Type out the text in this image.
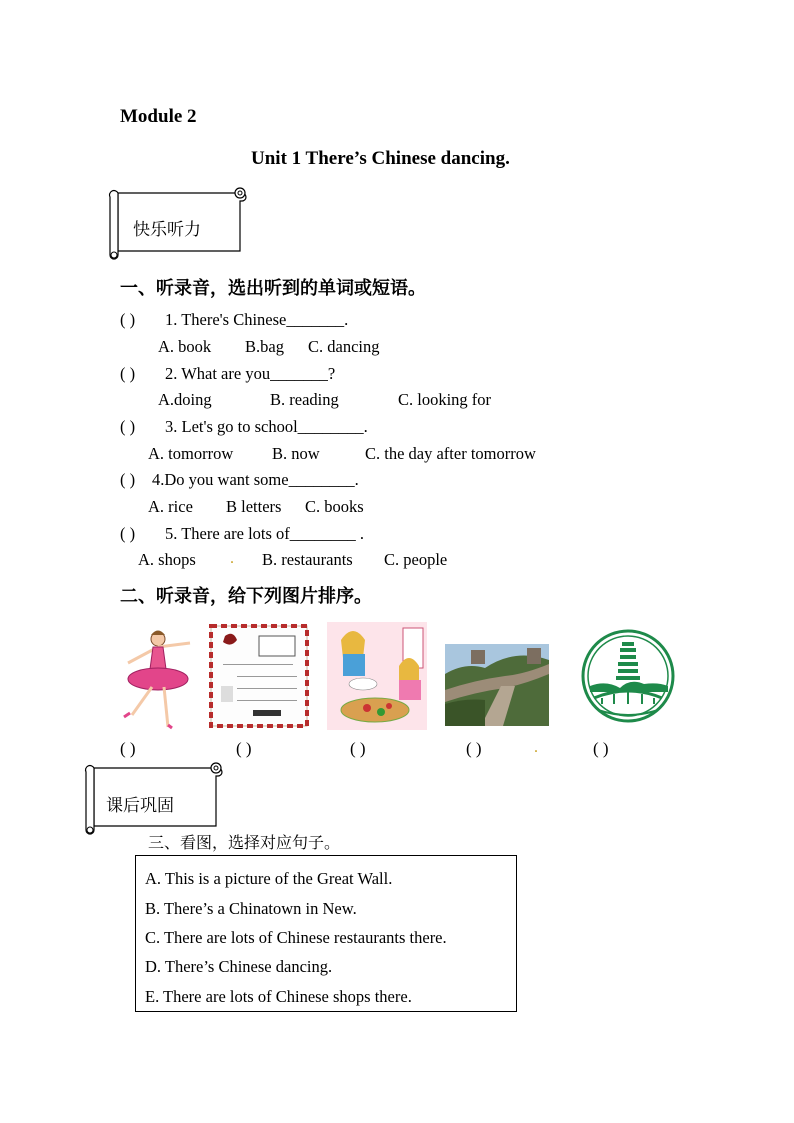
Module 2
Unit 1 There’s Chinese dancing.
快乐听力
一、听录音，选出听到的单词或短语。
( ) 1. There's Chinese_______.
A. book B.bag C. dancing
( ) 2. What are you_______?
A.doing	B. reading	C. looking for
( ) 3. Let's go to school________.
A. tomorrow B. now	C. the day after tomorrow
( ) 4.Do you want some________.
A. rice B letters C. books
( ) 5. There are lots of________ .
A. shops . B. restaurants C. people
二、听录音，给下列图片排序。
( )	( )	( )	( )	.	( )
课后巩固
三、看图，选择对应句子。
A. This is a picture of the Great Wall.
B. There’s a Chinatown in New.
C. There are lots of Chinese restaurants there.
D. There’s Chinese dancing.
E. There are lots of Chinese shops there.
